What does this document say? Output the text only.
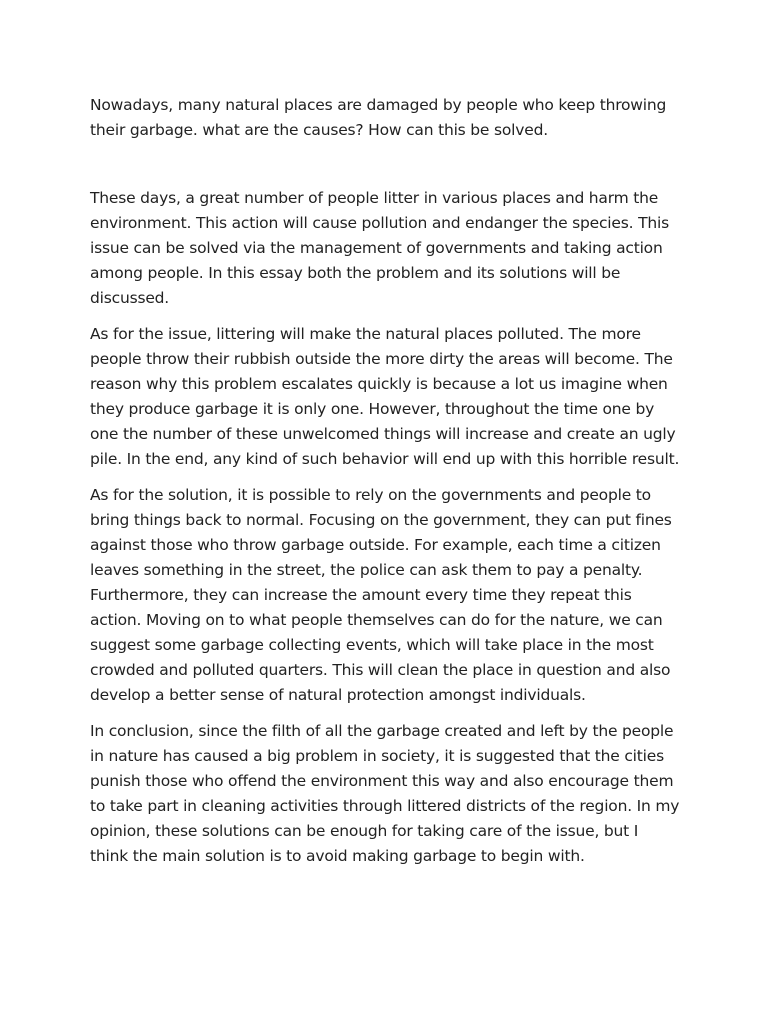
Nowadays, many natural places are damaged by people who keep throwing their garbage. what are the causes? How can this be solved.

These days, a great number of people litter in various places and harm the environment. This action will cause pollution and endanger the species. This issue can be solved via the management of governments and taking action among people. In this essay both the problem and its solutions will be discussed.

As for the issue, littering will make the natural places polluted. The more people throw their rubbish outside the more dirty the areas will become. The reason why this problem escalates quickly is because a lot us imagine when they produce garbage it is only one. However, throughout the time one by one the number of these unwelcomed things will increase and create an ugly pile. In the end, any kind of such behavior will end up with this horrible result.

As for the solution, it is possible to rely on the governments and people to bring things back to normal. Focusing on the government, they can put fines against those who throw garbage outside. For example, each time a citizen leaves something in the street, the police can ask them to pay a penalty. Furthermore, they can increase the amount every time they repeat this action. Moving on to what people themselves can do for the nature, we can suggest some garbage collecting events, which will take place in the most crowded and polluted quarters. This will clean the place in question and also develop a better sense of natural protection amongst individuals.

In conclusion, since the filth of all the garbage created and left by the people in nature has caused a big problem in society, it is suggested that the cities punish those who offend the environment this way and also encourage them to take part in cleaning activities through littered districts of the region. In my opinion, these solutions can be enough for taking care of the issue, but I think the main solution is to avoid making garbage to begin with.
